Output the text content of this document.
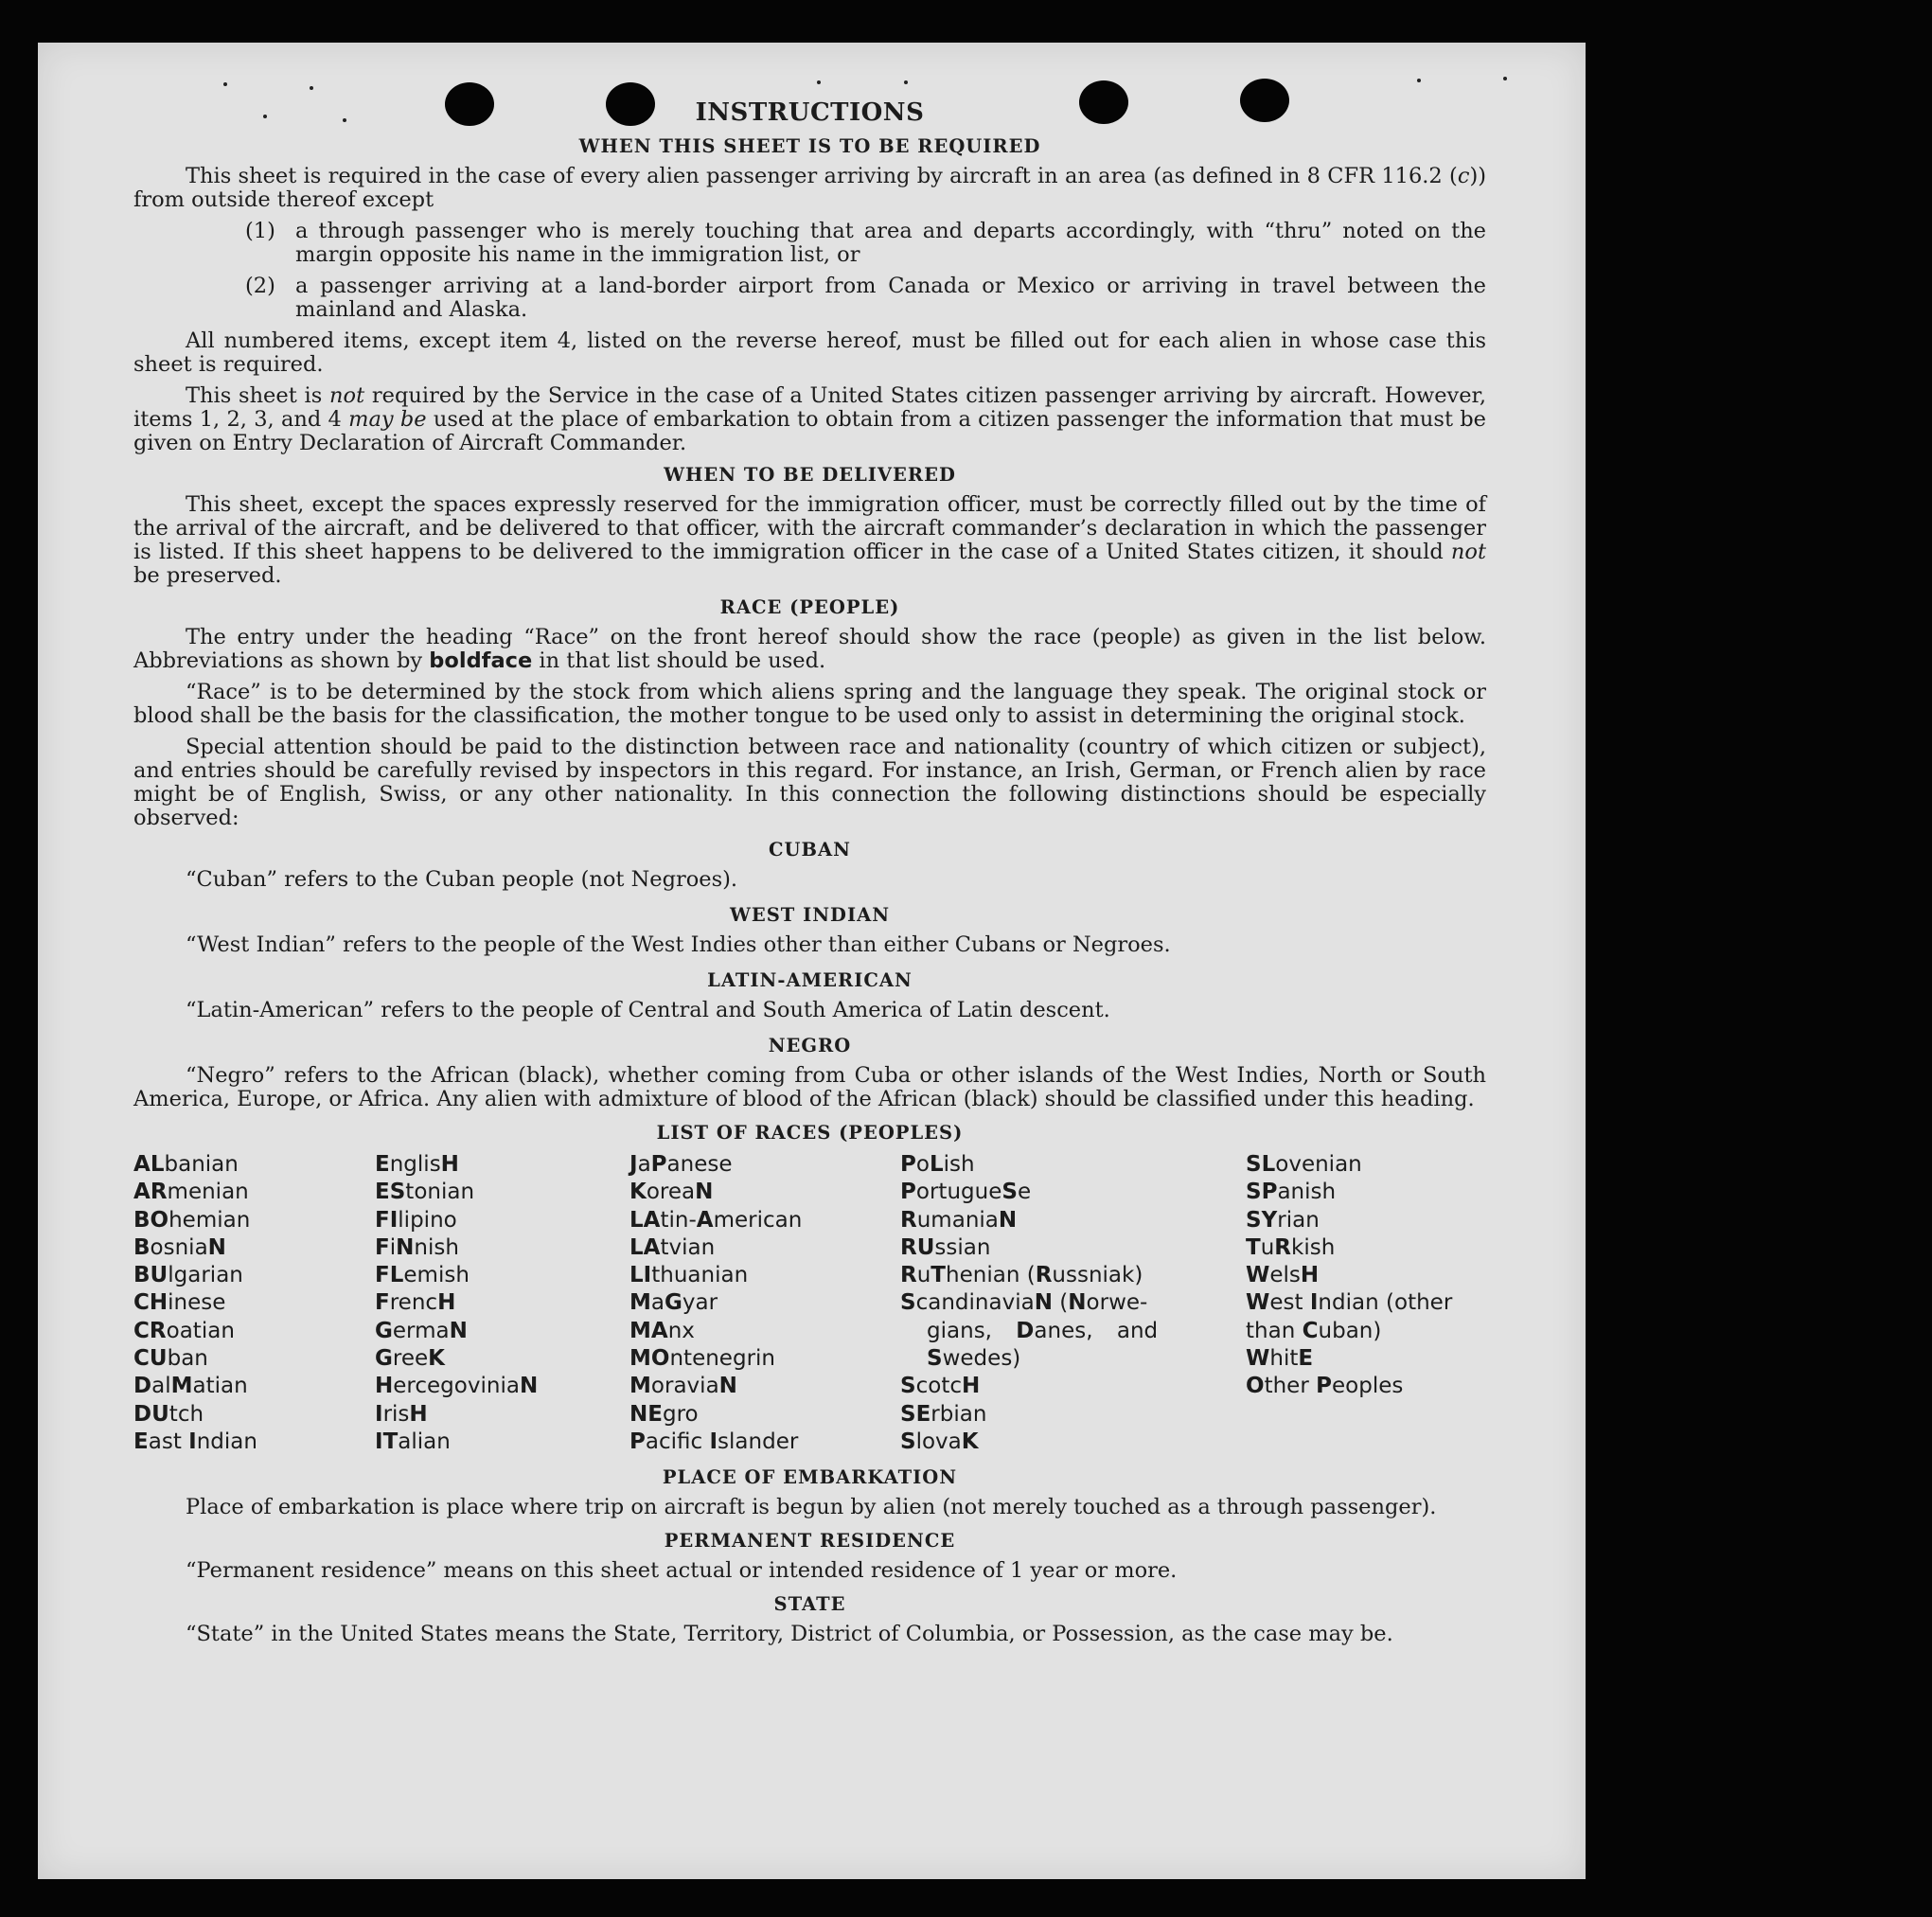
INSTRUCTIONS
WHEN THIS SHEET IS TO BE REQUIRED
This sheet is required in the case of every alien passenger arriving by aircraft in an area (as defined in 8 CFR 116.2 (c)) from outside thereof except
(1) a through passenger who is merely touching that area and departs accordingly, with “thru” noted on the margin opposite his name in the immigration list, or
(2) a passenger arriving at a land-border airport from Canada or Mexico or arriving in travel between the mainland and Alaska.
All numbered items, except item 4, listed on the reverse hereof, must be filled out for each alien in whose case this sheet is required.
This sheet is not required by the Service in the case of a United States citizen passenger arriving by aircraft. However, items 1, 2, 3, and 4 may be used at the place of embarkation to obtain from a citizen passenger the information that must be given on Entry Declaration of Aircraft Commander.
WHEN TO BE DELIVERED
This sheet, except the spaces expressly reserved for the immigration officer, must be correctly filled out by the time of the arrival of the aircraft, and be delivered to that officer, with the aircraft commander’s declaration in which the passenger is listed. If this sheet happens to be delivered to the immigration officer in the case of a United States citizen, it should not be preserved.
RACE (PEOPLE)
The entry under the heading “Race” on the front hereof should show the race (people) as given in the list below. Abbreviations as shown by boldface in that list should be used.
“Race” is to be determined by the stock from which aliens spring and the language they speak. The original stock or blood shall be the basis for the classification, the mother tongue to be used only to assist in determining the original stock.
Special attention should be paid to the distinction between race and nationality (country of which citizen or subject), and entries should be carefully revised by inspectors in this regard. For instance, an Irish, German, or French alien by race might be of English, Swiss, or any other nationality. In this connection the following distinctions should be especially observed:
CUBAN
“Cuban” refers to the Cuban people (not Negroes).
WEST INDIAN
“West Indian” refers to the people of the West Indies other than either Cubans or Negroes.
LATIN-AMERICAN
“Latin-American” refers to the people of Central and South America of Latin descent.
NEGRO
“Negro” refers to the African (black), whether coming from Cuba or other islands of the West Indies, North or South America, Europe, or Africa. Any alien with admixture of blood of the African (black) should be classified under this heading.
LIST OF RACES (PEOPLES)
ALbanian
ARmenian
BOhemian
BosniaN
BUlgarian
CHinese
CRoatian
CUban
DalMatian
DUtch
East Indian
EnglisH
EStonian
FIlipino
FiNnish
FLemish
FrencH
GermaN
GreeK
HercegoviniaN
IrisH
ITalian
JaPanese
KoreaN
LAtin-American
LAtvian
LIthuanian
MaGyar
MAnx
MOntenegrin
MoraviaN
NEgro
Pacifc Islander
PoLish
PortugueSe
RumaniaN
RUssian
RuThenian (Russniak)
ScandinaviaN (Norwe-
gians, Danes, and
Swedes)
ScotcH
SErbian
SlovaK
SLovenian
SPanish
SYrian
TuRkish
WelsH
West Indian (other
than Cuban)
WhitE
Other Peoples
PLACE OF EMBARKATION
Place of embarkation is place where trip on aircraft is begun by alien (not merely touched as a through passenger).
PERMANENT RESIDENCE
“Permanent residence” means on this sheet actual or intended residence of 1 year or more.
STATE
“State” in the United States means the State, Territory, District of Columbia, or Possession, as the case may be.
